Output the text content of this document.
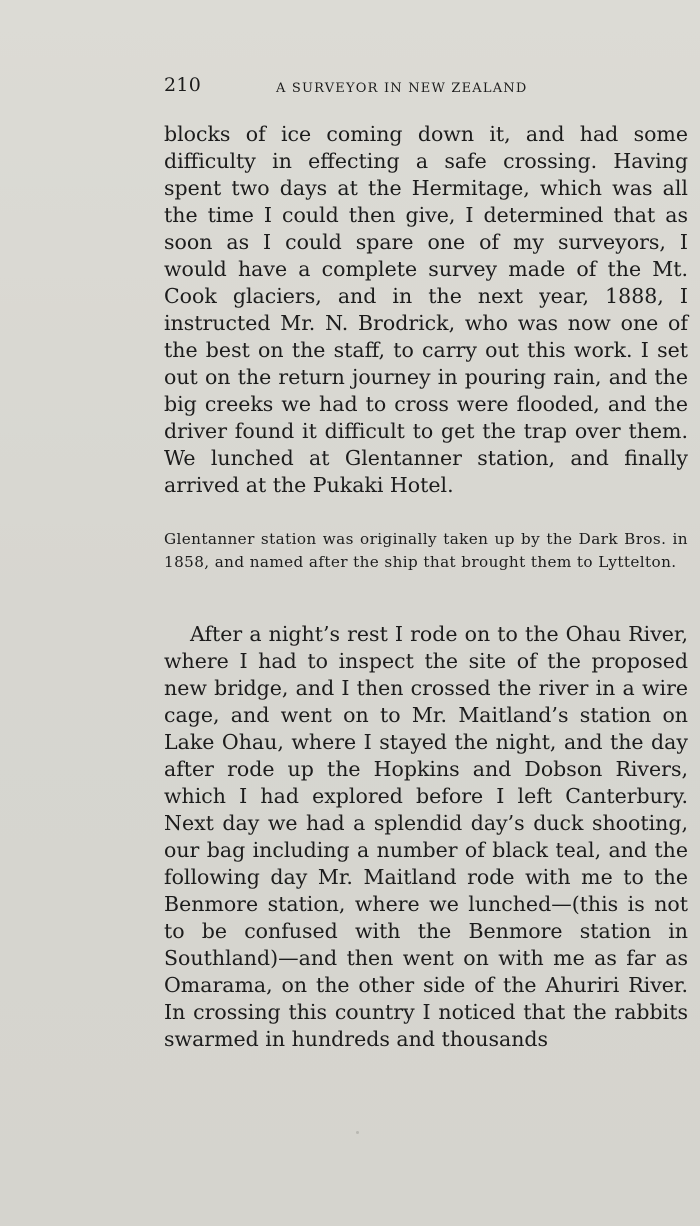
210	A SURVEYOR IN NEW ZEALAND

blocks of ice coming down it, and had some difficulty in effecting a safe crossing. Having spent two days at the Hermitage, which was all the time I could then give, I determined that as soon as I could spare one of my surveyors, I would have a complete survey made of the Mt. Cook glaciers, and in the next year, 1888, I instructed Mr. N. Brodrick, who was now one of the best on the staff, to carry out this work. I set out on the return journey in pouring rain, and the big creeks we had to cross were flooded, and the driver found it difficult to get the trap over them. We lunched at Glentanner station, and finally arrived at the Pukaki Hotel.

Glentanner station was originally taken up by the Dark Bros. in 1858, and named after the ship that brought them to Lyttelton.

After a night’s rest I rode on to the Ohau River, where I had to inspect the site of the proposed new bridge, and I then crossed the river in a wire cage, and went on to Mr. Maitland’s station on Lake Ohau, where I stayed the night, and the day after rode up the Hopkins and Dobson Rivers, which I had explored before I left Canterbury. Next day we had a splendid day’s duck shooting, our bag including a number of black teal, and the following day Mr. Maitland rode with me to the Benmore station, where we lunched—(this is not to be confused with the Benmore station in Southland)—and then went on with me as far as Omarama, on the other side of the Ahuriri River. In crossing this country I noticed that the rabbits swarmed in hundreds and thousands
